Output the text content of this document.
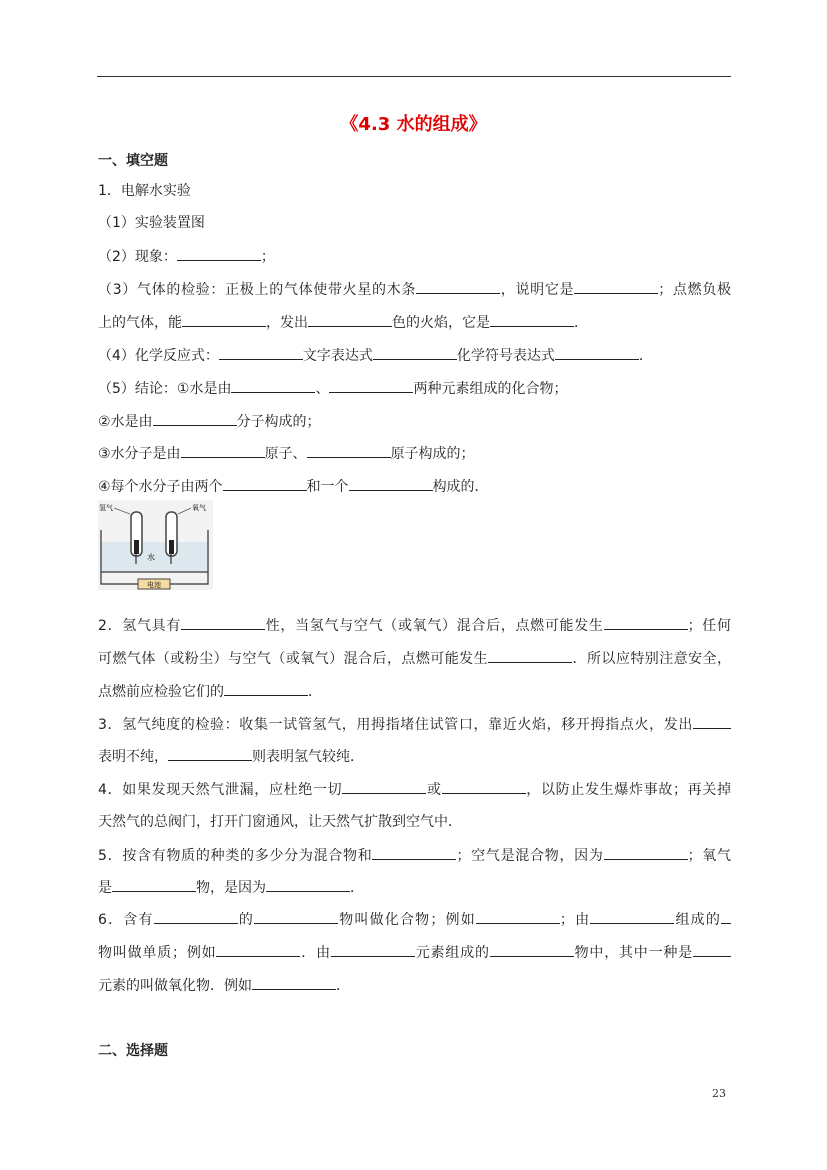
《4.3 水的组成》
一、填空题
1．电解水实验
（1）实验装置图
（2）现象：	；
（3）气体的检验：正极上的气体使带火星的木条	，说明它是	；点燃负极
上的气体，能	，发出	色的火焰，它是	．
（4）化学反应式：	文字表达式	化学符号表达式	．
（5）结论：①水是由	、	两种元素组成的化合物；
②水是由	分子构成的；
③水分子是由	原子、	原子构成的；
④每个水分子由两个	和一个	构成的．
电池
氢气	氧气
水
2．氢气具有	性，当氢气与空气（或氧气）混合后，点燃可能发生	；任何
可燃气体（或粉尘）与空气（或氧气）混合后，点燃可能发生	．所以应特别注意安全，
点燃前应检验它们的	．
3．氢气纯度的检验：收集一试管氢气，用拇指堵住试管口，靠近火焰，移开拇指点火，发出
表明不纯，	则表明氢气较纯．
4．如果发现天然气泄漏，应杜绝一切	或	，以防止发生爆炸事故；再关掉
天然气的总阀门，打开门窗通风，让天然气扩散到空气中．
5．按含有物质的种类的多少分为混合物和	；空气是混合物，因为	；氧气
是	物，是因为	．
6．含有	的	物叫做化合物；例如	；由	组成的
物叫做单质；例如	．由	元素组成的	物中，其中一种是
元素的叫做氧化物．例如	．
二、选择题
23
